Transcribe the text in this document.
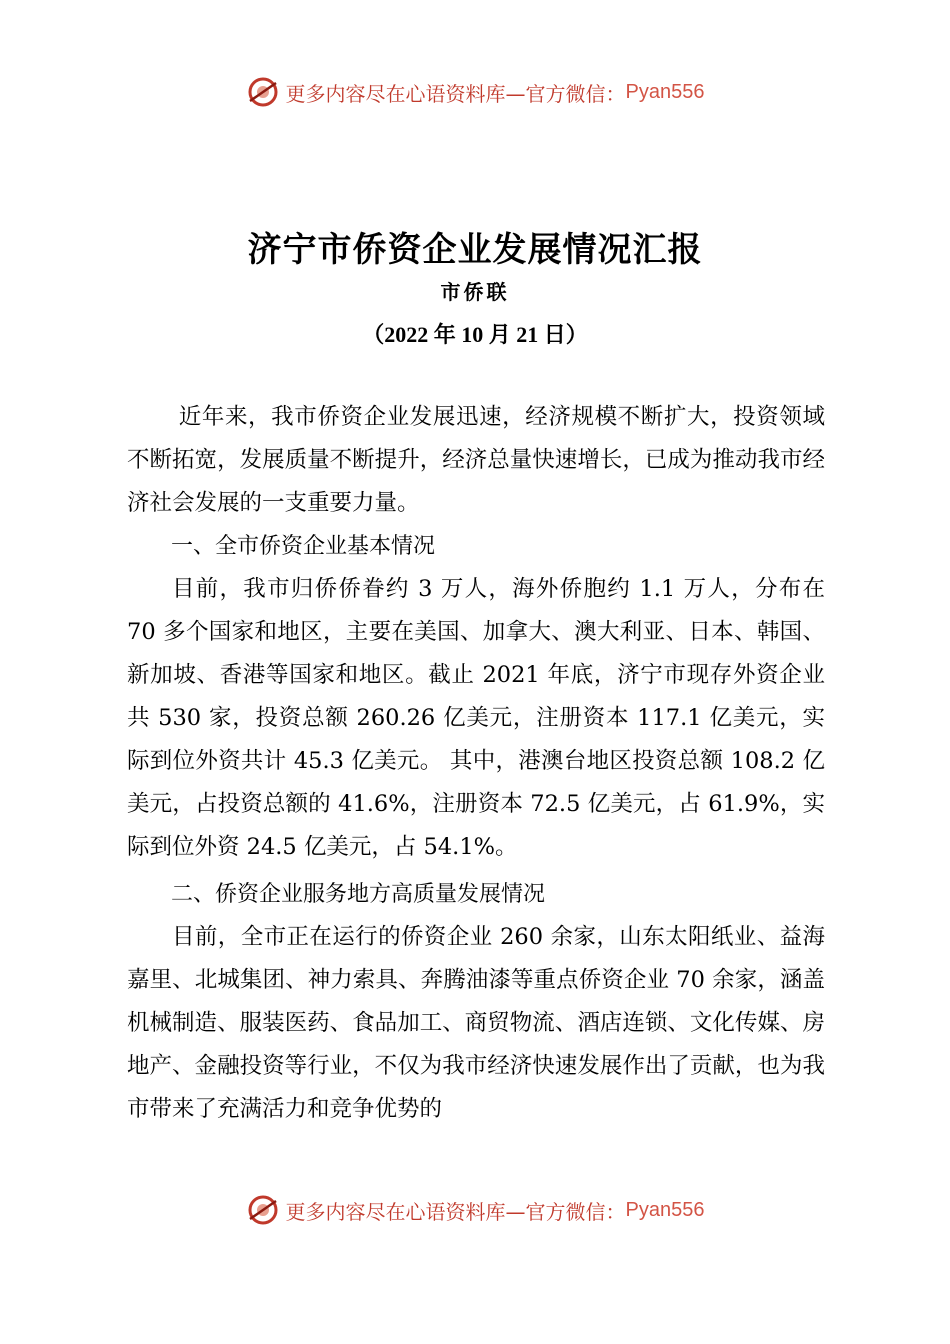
更多内容尽在心语资料库—官方微信： Pyan556
济宁市侨资企业发展情况汇报
市侨联
（2022 年 10 月 21 日）

近年来，我市侨资企业发展迅速，经济规模不断扩大，投资领域不断拓宽，发展质量不断提升，经济总量快速增长，已成为推动我市经济社会发展的一支重要力量。

一、全市侨资企业基本情况

目前，我市归侨侨眷约 3 万人，海外侨胞约 1.1 万人，分布在 70 多个国家和地区，主要在美国、加拿大、澳大利亚、日本、韩国、新加坡、香港等国家和地区。截止 2021 年底，济宁市现存外资企业共 530 家，投资总额 260.26 亿美元，注册资本 117.1 亿美元，实际到位外资共计 45.3 亿美元。 其中，港澳台地区投资总额 108.2 亿美元，占投资总额的 41.6%，注册资本 72.5 亿美元，占 61.9%，实际到位外资 24.5 亿美元，占 54.1%。

二、侨资企业服务地方高质量发展情况

目前，全市正在运行的侨资企业 260 余家，山东太阳纸业、益海嘉里、北城集团、神力索具、奔腾油漆等重点侨资企业 70 余家，涵盖机械制造、服装医药、食品加工、商贸物流、酒店连锁、文化传媒、房地产、金融投资等行业，不仅为我市经济快速发展作出了贡献，也为我市带来了充满活力和竞争优势的

更多内容尽在心语资料库—官方微信： Pyan556
